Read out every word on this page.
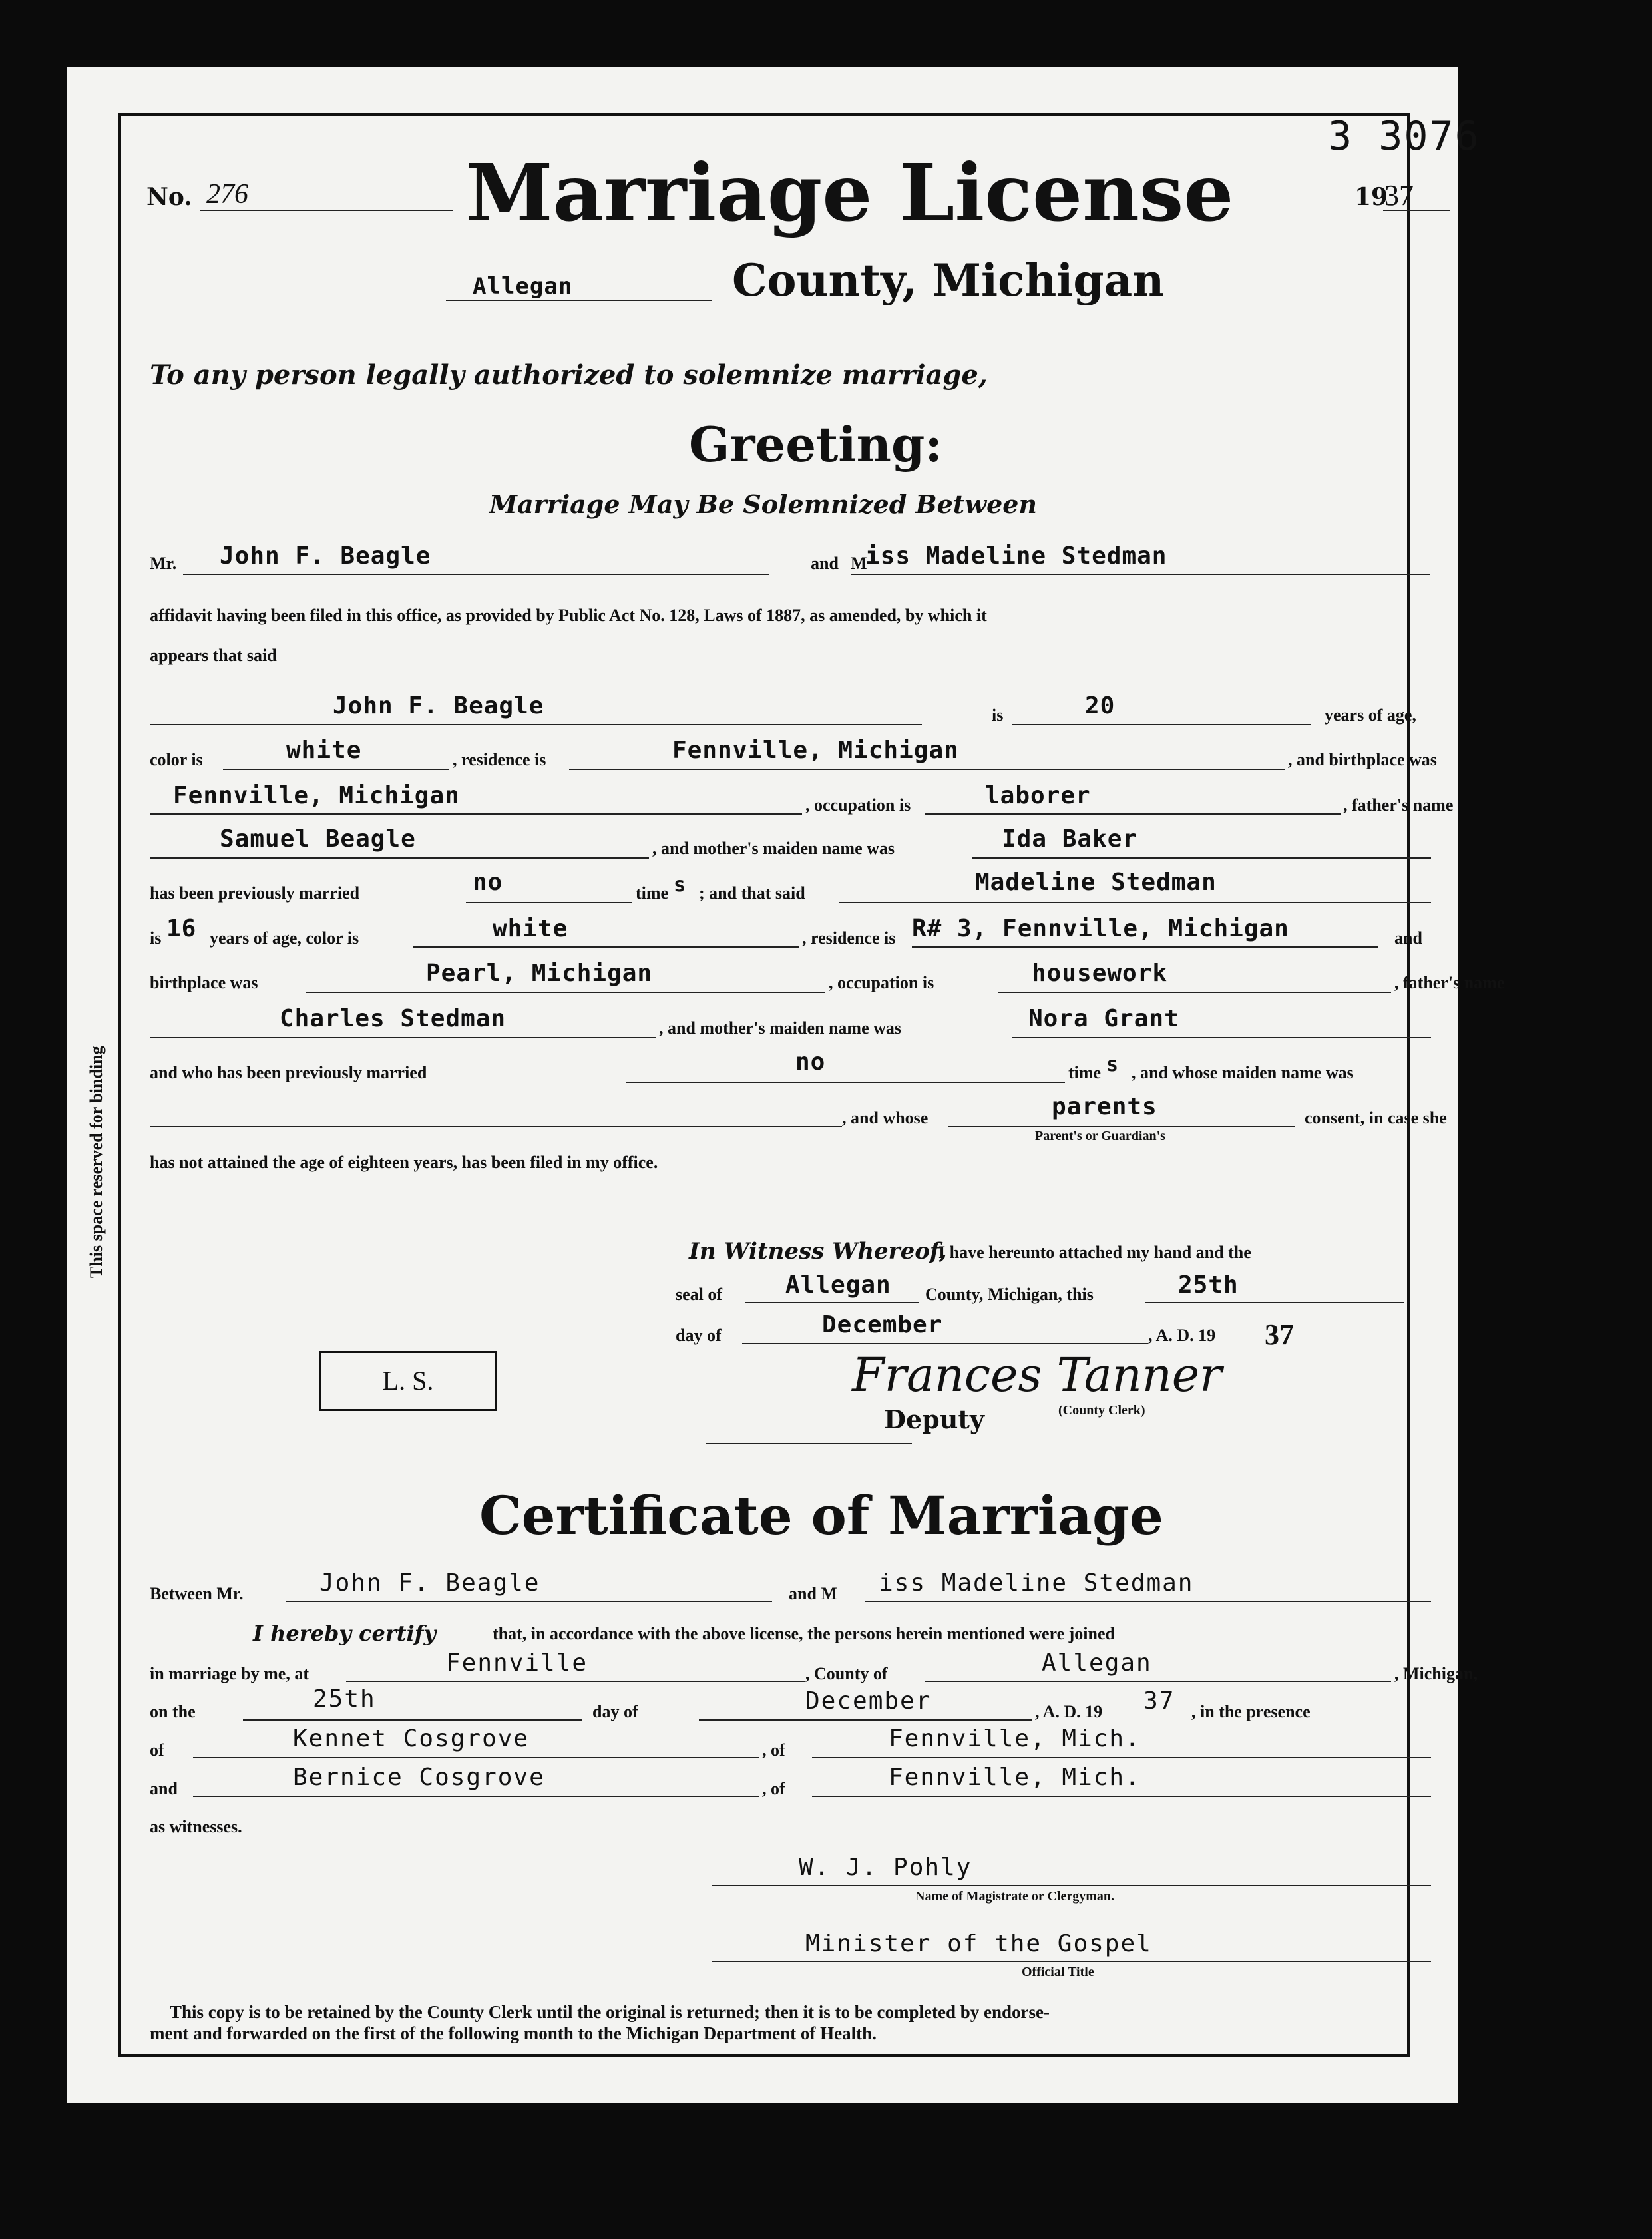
This space reserved for binding
3 3076
No. 276	Marriage License	19
37
Allegan	County, Michigan
To any person legally authorized to solemnize marriage,
Greeting:
Marriage May Be Solemnized Between
Mr. John F. Beagle	and M
iss Madeline Stedman
affidavit having been filed in this office, as provided by Public Act No. 128, Laws of 1887, as amended, by which it
appears that said
John F. Beagle	is	20	years of age,
color is	white	, residence is	Fennville, Michigan	, and birthplace was
Fennville, Michigan	, occupation is	laborer	, father's name
Samuel Beagle	, and mother's maiden name was	Ida Baker
has been previously married	no	time s ; and that said	Madeline Stedman
is 16 years of age, color is	white	, residence is R# 3, Fennville, Michigan	and
birthplace was	Pearl, Michigan	, occupation is	housework	, father's name
Charles Stedman	, and mother's maiden name was	Nora Grant
and who has been previously married	no	time s , and whose maiden name was
, and whose	parents
Parent's or Guardian's
consent, in case she
has not attained the age of eighteen years, has been filed in my office.
In Witness Whereof,
I have hereunto attached my hand and the
seal of	Allegan County, Michigan, this	25th
day of	December	, A. D. 19 37
L. S.	Frances Tanner
Deputy	(County Clerk)
Certificate of Marriage
Between Mr.	John F. Beagle	and M iss Madeline Stedman
I hereby certify	that, in accordance with the above license, the persons herein mentioned were joined
in marriage by me, at	Fennville	, County of	Allegan	, Michigan,
on the	25th	day of	December	, A. D. 19 37 , in the presence
of	Kennet Cosgrove	, of	Fennville, Mich.
and	Bernice Cosgrove	, of	Fennville, Mich.
as witnesses.
W. J. Pohly
Name of Magistrate or Clergyman.
Minister of the Gospel
Official Title
This copy is to be retained by the County Clerk until the original is returned; then it is to be completed by endorse-
ment and forwarded on the first of the following month to the Michigan Department of Health.
